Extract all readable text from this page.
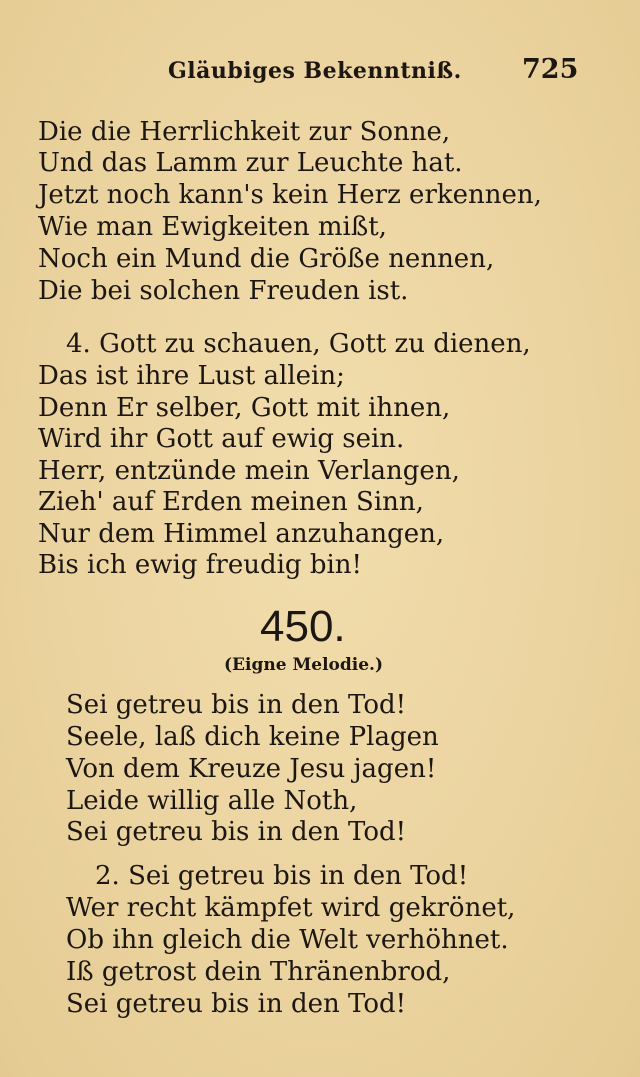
Gläubiges Bekenntniß. 725
Die die Herrlichkeit zur Sonne,
Und das Lamm zur Leuchte hat.
Jetzt noch kann's kein Herz erkennen,
Wie man Ewigkeiten mißt,
Noch ein Mund die Größe nennen,
Die bei solchen Freuden ist.
4. Gott zu schauen, Gott zu dienen,
Das ist ihre Lust allein;
Denn Er selber, Gott mit ihnen,
Wird ihr Gott auf ewig sein.
Herr, entzünde mein Verlangen,
Zieh' auf Erden meinen Sinn,
Nur dem Himmel anzuhangen,
Bis ich ewig freudig bin!
450.
(Eigne Melodie.)
Sei getreu bis in den Tod!
Seele, laß dich keine Plagen
Von dem Kreuze Jesu jagen!
Leide willig alle Noth,
Sei getreu bis in den Tod!
2. Sei getreu bis in den Tod!
Wer recht kämpfet wird gekrönet,
Ob ihn gleich die Welt verhöhnet.
Iß getrost dein Thränenbrod,
Sei getreu bis in den Tod!
